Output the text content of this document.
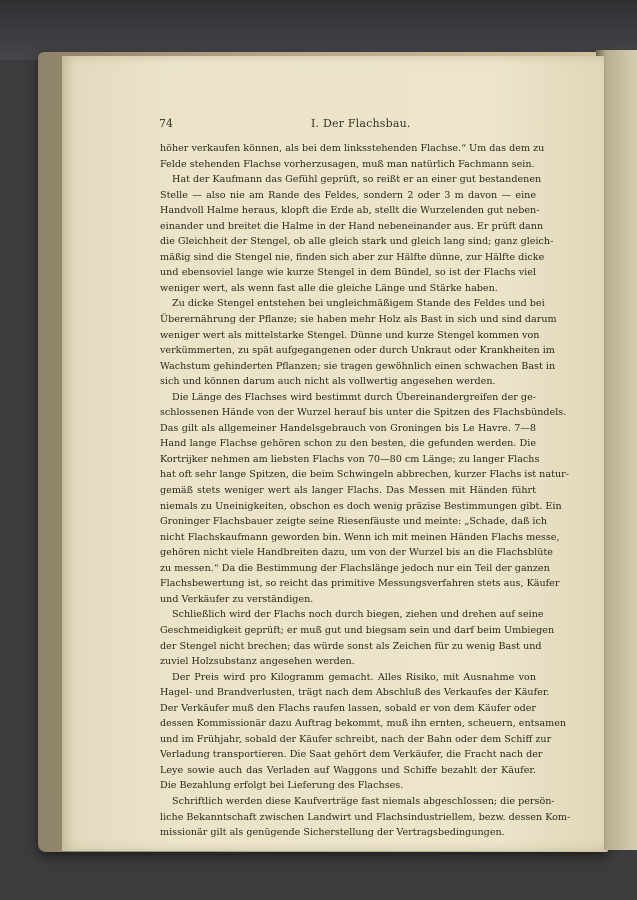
74	I. Der Flachsbau.
höher verkaufen können, als bei dem linksstehenden Flachse.“ Um das dem zu
Felde stehenden Flachse vorherzusagen, muß man natürlich Fachmann sein.
Hat der Kaufmann das Gefühl geprüft, so reißt er an einer gut bestandenen
Stelle — also nie am Rande des Feldes, sondern 2 oder 3 m davon — eine
Handvoll Halme heraus, klopft die Erde ab, stellt die Wurzelenden gut neben-
einander und breitet die Halme in der Hand nebeneinander aus. Er prüft dann
die Gleichheit der Stengel, ob alle gleich stark und gleich lang sind; ganz gleich-
mäßig sind die Stengel nie, finden sich aber zur Hälfte dünne, zur Hälfte dicke
und ebensoviel lange wie kurze Stengel in dem Bündel, so ist der Flachs viel
weniger wert, als wenn fast alle die gleiche Länge und Stärke haben.
Zu dicke Stengel entstehen bei ungleichmäßigem Stande des Feldes und bei
Überernährung der Pflanze; sie haben mehr Holz als Bast in sich und sind darum
weniger wert als mittelstarke Stengel. Dünne und kurze Stengel kommen von
verkümmerten, zu spät aufgegangenen oder durch Unkraut oder Krankheiten im
Wachstum gehinderten Pflanzen; sie tragen gewöhnlich einen schwachen Bast in
sich und können darum auch nicht als vollwertig angesehen werden.
Die Länge des Flachses wird bestimmt durch Übereinandergreifen der ge-
schlossenen Hände von der Wurzel herauf bis unter die Spitzen des Flachsbündels.
Das gilt als allgemeiner Handelsgebrauch von Groningen bis Le Havre. 7—8
Hand lange Flachse gehören schon zu den besten, die gefunden werden. Die
Kortrijker nehmen am liebsten Flachs von 70—80 cm Länge; zu langer Flachs
hat oft sehr lange Spitzen, die beim Schwingeln abbrechen, kurzer Flachs ist natur-
gemäß stets weniger wert als langer Flachs. Das Messen mit Händen führt
niemals zu Uneinigkeiten, obschon es doch wenig präzise Bestimmungen gibt. Ein
Groninger Flachsbauer zeigte seine Riesenfäuste und meinte: „Schade, daß ich
nicht Flachskaufmann geworden bin. Wenn ich mit meinen Händen Flachs messe,
gehören nicht viele Handbreiten dazu, um von der Wurzel bis an die Flachsblüte
zu messen.“ Da die Bestimmung der Flachslänge jedoch nur ein Teil der ganzen
Flachsbewertung ist, so reicht das primitive Messungsverfahren stets aus, Käufer
und Verkäufer zu verständigen.
Schließlich wird der Flachs noch durch biegen, ziehen und drehen auf seine
Geschmeidigkeit geprüft; er muß gut und biegsam sein und darf beim Umbiegen
der Stengel nicht brechen; das würde sonst als Zeichen für zu wenig Bast und
zuviel Holzsubstanz angesehen werden.
Der Preis wird pro Kilogramm gemacht. Alles Risiko, mit Ausnahme von
Hagel- und Brandverlusten, trägt nach dem Abschluß des Verkaufes der Käufer.
Der Verkäufer muß den Flachs raufen lassen, sobald er von dem Käufer oder
dessen Kommissionär dazu Auftrag bekommt, muß ihn ernten, scheuern, entsamen
und im Frühjahr, sobald der Käufer schreibt, nach der Bahn oder dem Schiff zur
Verladung transportieren. Die Saat gehört dem Verkäufer, die Fracht nach der
Leye sowie auch das Verladen auf Waggons und Schiffe bezahlt der Käufer.
Die Bezahlung erfolgt bei Lieferung des Flachses.
Schriftlich werden diese Kaufverträge fast niemals abgeschlossen; die persön-
liche Bekanntschaft zwischen Landwirt und Flachsindustriellem, bezw. dessen Kom-
missionär gilt als genügende Sicherstellung der Vertragsbedingungen.
